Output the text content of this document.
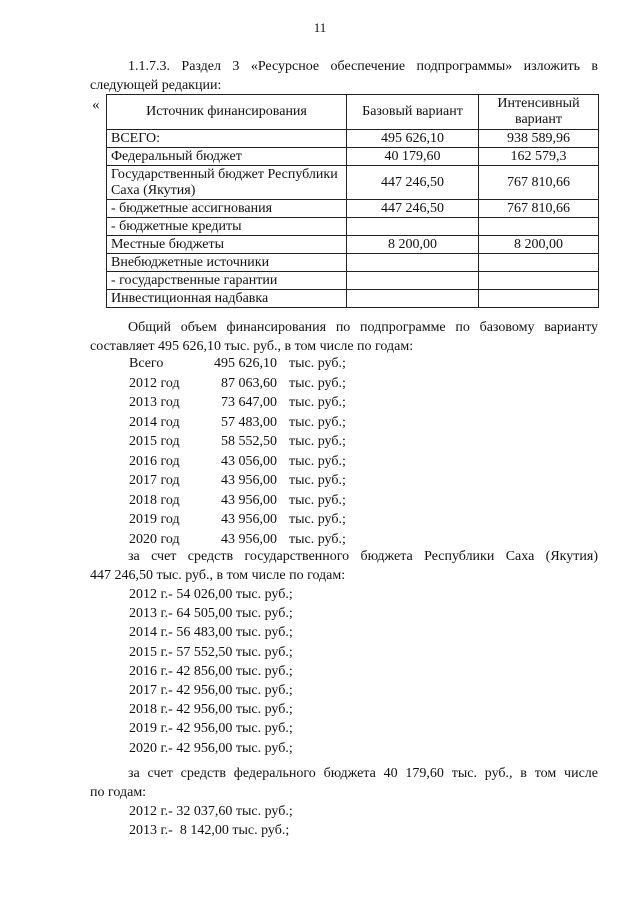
11
1.1.7.3. Раздел 3 «Ресурсное обеспечение подпрограммы» изложить в
следующей редакции:
«	Источник финансирования	Базовый вариант	Интенсивный вариант
ВСЕГО:	495 626,10	938 589,96
Федеральный бюджет	40 179,60	162 579,3
Государственный бюджет Республики Саха (Якутия)	447 246,50	767 810,66
- бюджетные ассигнования	447 246,50	767 810,66
- бюджетные кредиты		
Местные бюджеты	8 200,00	8 200,00
Внебюджетные источники		
- государственные гарантии		
Инвестиционная надбавка		
Общий объем финансирования по подпрограмме по базовому варианту
составляет 495 626,10 тыс. руб., в том числе по годам:
Всего	495 626,10 тыс. руб.;
2012 год	87 063,60 тыс. руб.;
2013 год	73 647,00 тыс. руб.;
2014 год	57 483,00 тыс. руб.;
2015 год	58 552,50 тыс. руб.;
2016 год	43 056,00 тыс. руб.;
2017 год	43 956,00 тыс. руб.;
2018 год	43 956,00 тыс. руб.;
2019 год	43 956,00 тыс. руб.;
2020 год	43 956,00 тыс. руб.;
за счет средств государственного бюджета Республики Саха (Якутия)
447 246,50 тыс. руб., в том числе по годам:
2012 г.- 54 026,00 тыс. руб.;
2013 г.- 64 505,00 тыс. руб.;
2014 г.- 56 483,00 тыс. руб.;
2015 г.- 57 552,50 тыс. руб.;
2016 г.- 42 856,00 тыс. руб.;
2017 г.- 42 956,00 тыс. руб.;
2018 г.- 42 956,00 тыс. руб.;
2019 г.- 42 956,00 тыс. руб.;
2020 г.- 42 956,00 тыс. руб.;
за счет средств федерального бюджета 40 179,60 тыс. руб., в том числе
по годам:
2012 г.- 32 037,60 тыс. руб.;
2013 г.-  8 142,00 тыс. руб.;
